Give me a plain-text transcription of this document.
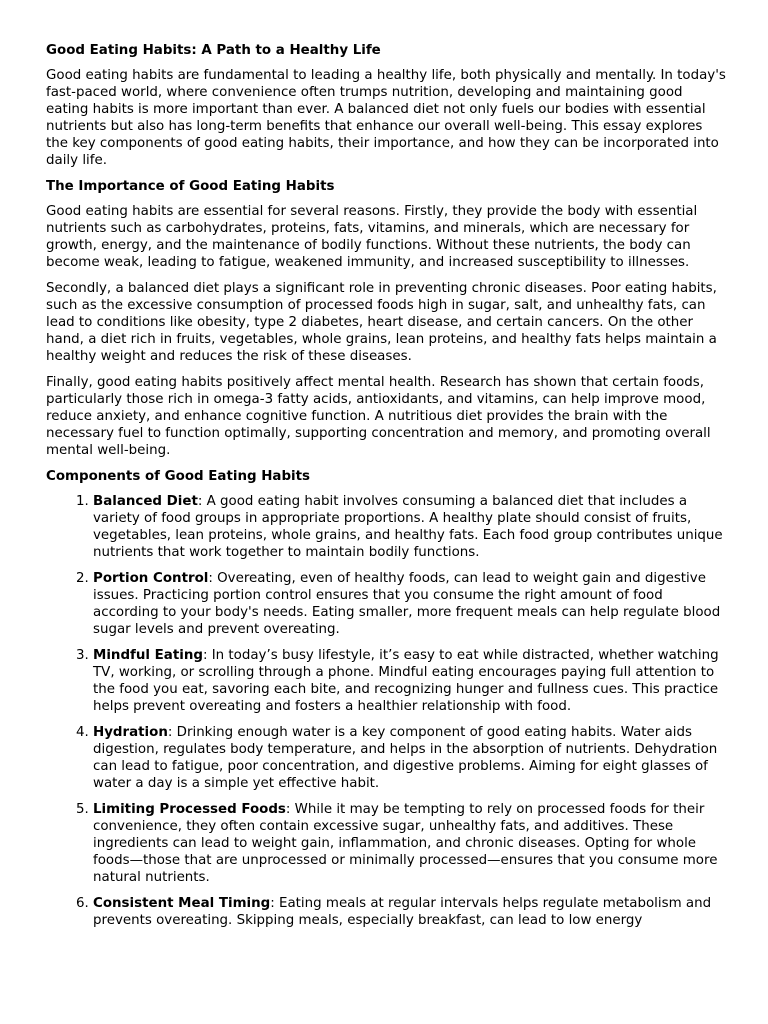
Good Eating Habits: A Path to a Healthy Life

Good eating habits are fundamental to leading a healthy life, both physically and mentally. In today's fast-paced world, where convenience often trumps nutrition, developing and maintaining good eating habits is more important than ever. A balanced diet not only fuels our bodies with essential nutrients but also has long-term benefits that enhance our overall well-being. This essay explores the key components of good eating habits, their importance, and how they can be incorporated into daily life.

The Importance of Good Eating Habits

Good eating habits are essential for several reasons. Firstly, they provide the body with essential nutrients such as carbohydrates, proteins, fats, vitamins, and minerals, which are necessary for growth, energy, and the maintenance of bodily functions. Without these nutrients, the body can become weak, leading to fatigue, weakened immunity, and increased susceptibility to illnesses.

Secondly, a balanced diet plays a significant role in preventing chronic diseases. Poor eating habits, such as the excessive consumption of processed foods high in sugar, salt, and unhealthy fats, can lead to conditions like obesity, type 2 diabetes, heart disease, and certain cancers. On the other hand, a diet rich in fruits, vegetables, whole grains, lean proteins, and healthy fats helps maintain a healthy weight and reduces the risk of these diseases.

Finally, good eating habits positively affect mental health. Research has shown that certain foods, particularly those rich in omega-3 fatty acids, antioxidants, and vitamins, can help improve mood, reduce anxiety, and enhance cognitive function. A nutritious diet provides the brain with the necessary fuel to function optimally, supporting concentration and memory, and promoting overall mental well-being.

Components of Good Eating Habits
1. Balanced Diet: A good eating habit involves consuming a balanced diet that includes a variety of food groups in appropriate proportions. A healthy plate should consist of fruits, vegetables, lean proteins, whole grains, and healthy fats. Each food group contributes unique nutrients that work together to maintain bodily functions.
2. Portion Control: Overeating, even of healthy foods, can lead to weight gain and digestive issues. Practicing portion control ensures that you consume the right amount of food according to your body's needs. Eating smaller, more frequent meals can help regulate blood sugar levels and prevent overeating.
3. Mindful Eating: In today’s busy lifestyle, it’s easy to eat while distracted, whether watching TV, working, or scrolling through a phone. Mindful eating encourages paying full attention to the food you eat, savoring each bite, and recognizing hunger and fullness cues. This practice helps prevent overeating and fosters a healthier relationship with food.
4. Hydration: Drinking enough water is a key component of good eating habits. Water aids digestion, regulates body temperature, and helps in the absorption of nutrients. Dehydration can lead to fatigue, poor concentration, and digestive problems. Aiming for eight glasses of water a day is a simple yet effective habit.
5. Limiting Processed Foods: While it may be tempting to rely on processed foods for their convenience, they often contain excessive sugar, unhealthy fats, and additives. These ingredients can lead to weight gain, inflammation, and chronic diseases. Opting for whole foods—those that are unprocessed or minimally processed—ensures that you consume more natural nutrients.
6. Consistent Meal Timing: Eating meals at regular intervals helps regulate metabolism and prevents overeating. Skipping meals, especially breakfast, can lead to low energy
